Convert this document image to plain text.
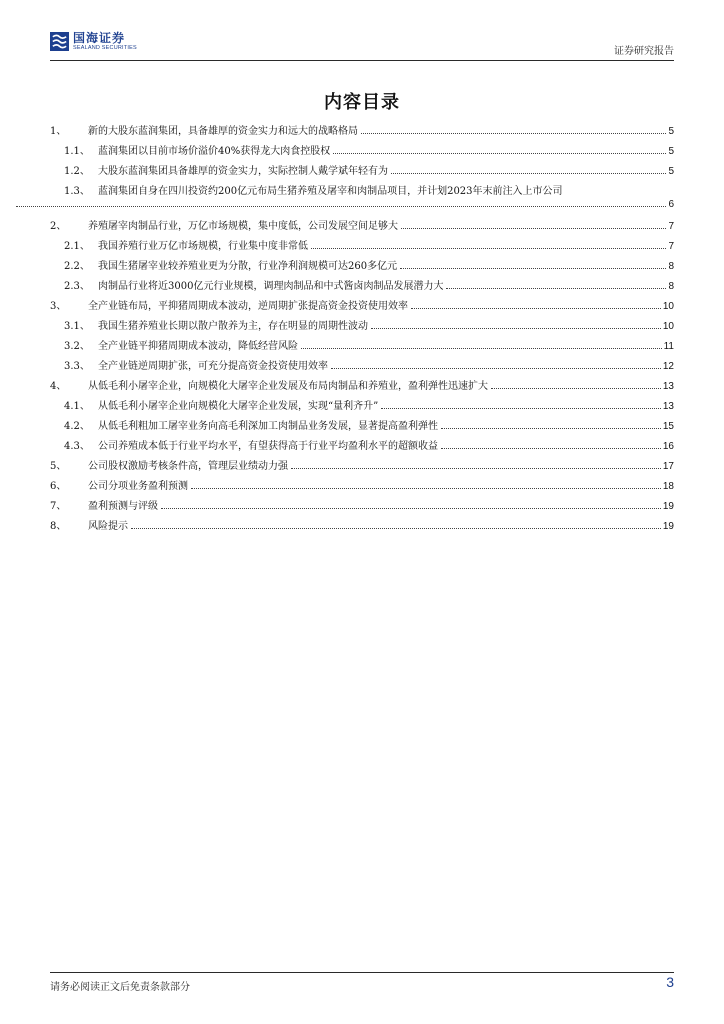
国海证券
SEALAND SECURITIES	证券研究报告
内容目录
1、	新的大股东蓝润集团，具备雄厚的资金实力和远大的战略格局	5
1.1、 蓝润集团以目前市场价溢价40%获得龙大肉食控股权	5
1.2、 大股东蓝润集团具备雄厚的资金实力，实际控制人戴学斌年轻有为	5
1.3、 蓝润集团自身在四川投资约200亿元布局生猪养殖及屠宰和肉制品项目，并计划2023年末前注入上市公司
6
2、	养殖屠宰肉制品行业，万亿市场规模，集中度低，公司发展空间足够大	7
2.1、 我国养殖行业万亿市场规模，行业集中度非常低	7
2.2、 我国生猪屠宰业较养殖业更为分散，行业净利润规模可达260多亿元	8
2.3、 肉制品行业将近3000亿元行业规模，调理肉制品和中式酱卤肉制品发展潜力大	8
3、	全产业链布局，平抑猪周期成本波动，逆周期扩张提高资金投资使用效率	10
3.1、 我国生猪养殖业长期以散户散养为主，存在明显的周期性波动	10
3.2、 全产业链平抑猪周期成本波动，降低经营风险	11
3.3、 全产业链逆周期扩张，可充分提高资金投资使用效率	12
4、	从低毛利小屠宰企业，向规模化大屠宰企业发展及布局肉制品和养殖业，盈利弹性迅速扩大	13
4.1、 从低毛利小屠宰企业向规模化大屠宰企业发展，实现“量利齐升”	13
4.2、 从低毛利粗加工屠宰业务向高毛利深加工肉制品业务发展，显著提高盈利弹性	15
4.3、 公司养殖成本低于行业平均水平，有望获得高于行业平均盈利水平的超额收益	16
5、	公司股权激励考核条件高，管理层业绩动力强	17
6、	公司分项业务盈利预测	18
7、	盈利预测与评级	19
8、	风险提示	19
请务必阅读正文后免责条款部分	3
